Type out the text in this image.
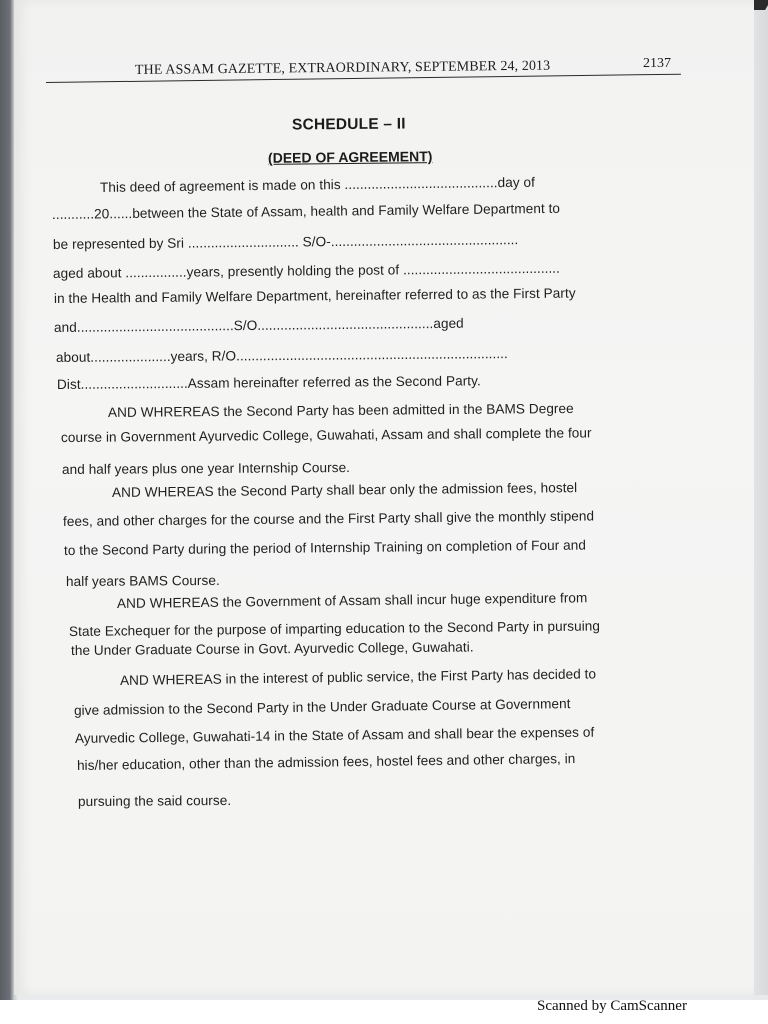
THE ASSAM GAZETTE, EXTRAORDINARY, SEPTEMBER 24, 2013	2137
SCHEDULE – II
(DEED OF AGREEMENT)
This deed of agreement is made on this ........................................day of
...........20......between the State of Assam, health and Family Welfare Department to
be represented by Sri ............................. S/O-.................................................
aged about ................years, presently holding the post of .........................................
in the Health and Family Welfare Department, hereinafter referred to as the First Party
and.........................................S/O..............................................aged
about.....................years, R/O.......................................................................
Dist............................Assam hereinafter referred as the Second Party.
AND WHREREAS the Second Party has been admitted in the BAMS Degree
course in Government Ayurvedic College, Guwahati, Assam and shall complete the four
and half years plus one year Internship Course.
AND WHEREAS the Second Party shall bear only the admission fees, hostel
fees, and other charges for the course and the First Party shall give the monthly stipend
to the Second Party during the period of Internship Training on completion of Four and
half years BAMS Course.
AND WHEREAS the Government of Assam shall incur huge expenditure from
State Exchequer for the purpose of imparting education to the Second Party in pursuing
the Under Graduate Course in Govt. Ayurvedic College, Guwahati.
AND WHEREAS in the interest of public service, the First Party has decided to
give admission to the Second Party in the Under Graduate Course at Government
Ayurvedic College, Guwahati-14 in the State of Assam and shall bear the expenses of
his/her education, other than the admission fees, hostel fees and other charges, in
pursuing the said course.
Scanned by CamScanner
